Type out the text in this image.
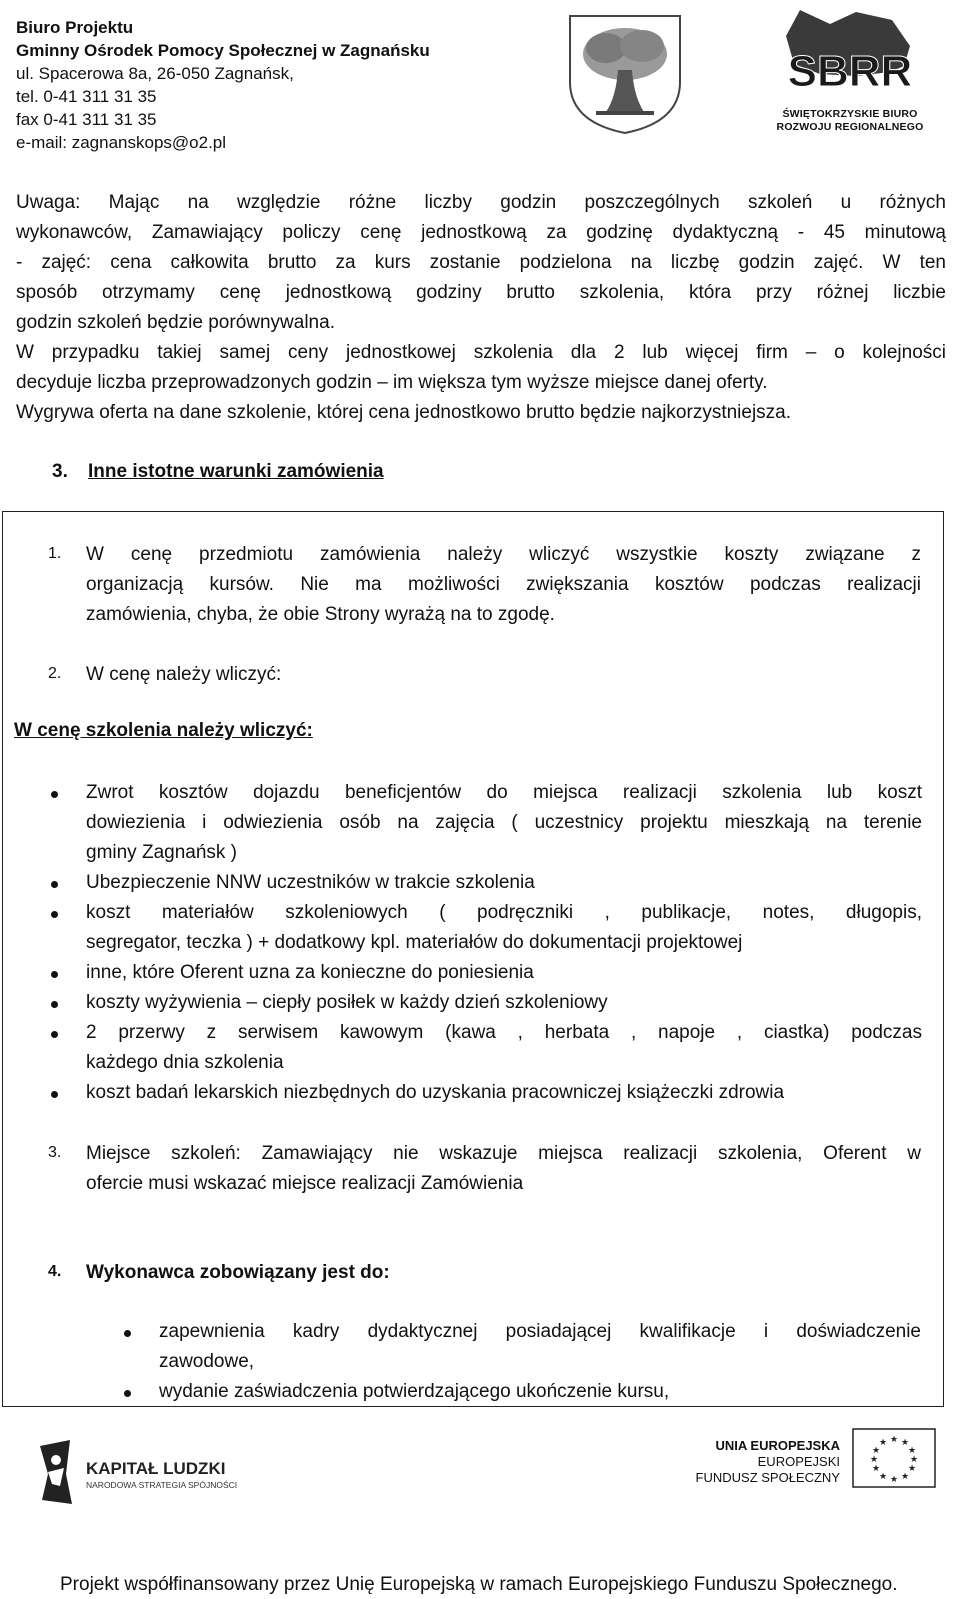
Biuro Projektu
Gminny Ośrodek Pomocy Społecznej w Zagnańsku
ul. Spacerowa 8a, 26-050 Zagnańsk,
tel. 0-41 311 31 35
fax 0-41 311 31 35
e-mail: zagnanskops@o2.pl
SBRR
ŚWIĘTOKRZYSKIE BIURO
ROZWOJU REGIONALNEGO

Uwaga: Mając na względzie różne liczby godzin poszczególnych szkoleń u różnych

wykonawców, Zamawiający policzy cenę jednostkową za godzinę dydaktyczną - 45 minutową

- zajęć: cena całkowita brutto za kurs zostanie podzielona na liczbę godzin zajęć. W ten

sposób otrzymamy cenę jednostkową godziny brutto szkolenia, która przy różnej liczbie

godzin szkoleń będzie porównywalna.

W przypadku takiej samej ceny jednostkowej szkolenia dla 2 lub więcej firm – o kolejności

decyduje liczba przeprowadzonych godzin – im większa tym wyższe miejsce danej oferty.

Wygrywa oferta na dane szkolenie, której cena jednostkowo brutto będzie najkorzystniejsza.

3. Inne istotne warunki zamówienia
1. W cenę przedmiotu zamówienia należy wliczyć wszystkie koszty związane z

organizacją kursów. Nie ma możliwości zwiększania kosztów podczas realizacji

zamówienia, chyba, że obie Strony wyrażą na to zgodę.

2. W cenę należy wliczyć:

W cenę szkolenia należy wliczyć:

Zwrot kosztów dojazdu beneficjentów do miejsca realizacji szkolenia lub koszt

dowiezienia i odwiezienia osób na zajęcia ( uczestnicy projektu mieszkają na terenie

gminy Zagnańsk )

Ubezpieczenie NNW uczestników w trakcie szkolenia

koszt materiałów szkoleniowych ( podręczniki , publikacje, notes, długopis,

segregator, teczka ) + dodatkowy kpl. materiałów do dokumentacji projektowej

inne, które Oferent uzna za konieczne do poniesienia

koszty wyżywienia – ciepły posiłek w każdy dzień szkoleniowy

2 przerwy z serwisem kawowym (kawa , herbata , napoje , ciastka) podczas

każdego dnia szkolenia

koszt badań lekarskich niezbędnych do uzyskania pracowniczej książeczki zdrowia

3. Miejsce szkoleń: Zamawiający nie wskazuje miejsca realizacji szkolenia, Oferent w

ofercie musi wskazać miejsce realizacji Zamówienia

4. Wykonawca zobowiązany jest do:

zapewnienia kadry dydaktycznej posiadającej kwalifikacje i doświadczenie

zawodowe,

wydanie zaświadczenia potwierdzającego ukończenie kursu,

KAPITAŁ LUDZKI
NARODOWA STRATEGIA SPÓJNOŚCI
UNIA EUROPEJSKA
EUROPEJSKI
FUNDUSZ SPOŁECZNY
★ ★
★
★
★
★
★
★
★
★
★
★
Projekt współfinansowany przez Unię Europejską w ramach Europejskiego Funduszu Społecznego.
